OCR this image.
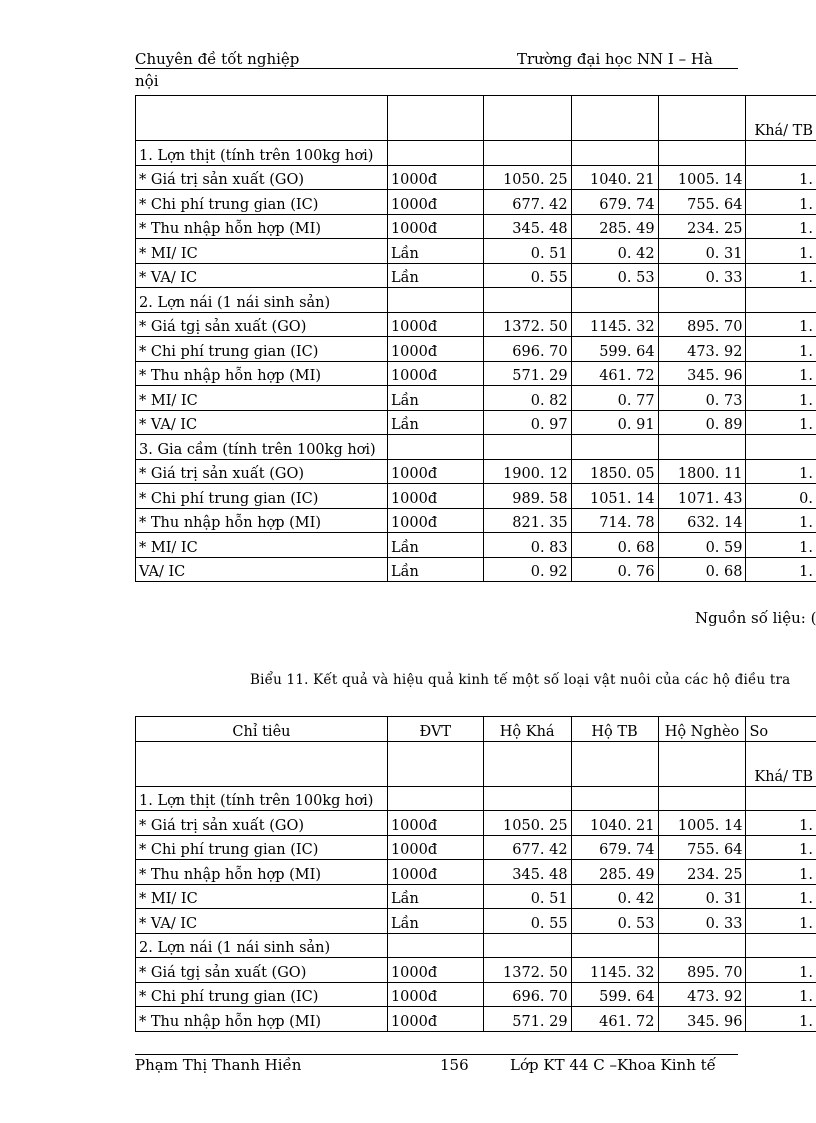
Chuyên đề tốt nghiệp	Trường đại học NN I – Hà
nội
					Khá/ TB
1. Lợn thịt (tính trên 100kg hơi)					
* Giá trị sản xuất (GO)	1000đ	1050. 25	1040. 21	1005. 14	1.
* Chi phí trung gian (IC)	1000đ	677. 42	679. 74	755. 64	1.
* Thu nhập hỗn hợp (MI)	1000đ	345. 48	285. 49	234. 25	1.
* MI/ IC	Lần	0. 51	0. 42	0. 31	1.
* VA/ IC	Lần	0. 55	0. 53	0. 33	1.
2. Lợn nái (1 nái sinh sản)					
* Giá tgị sản xuất (GO)	1000đ	1372. 50	1145. 32	895. 70	1.
* Chi phí trung gian (IC)	1000đ	696. 70	599. 64	473. 92	1.
* Thu nhập hỗn hợp (MI)	1000đ	571. 29	461. 72	345. 96	1.
* MI/ IC	Lần	0. 82	0. 77	0. 73	1.
* VA/ IC	Lần	0. 97	0. 91	0. 89	1.
3. Gia cầm (tính trên 100kg hơi)					
* Giá trị sản xuất (GO)	1000đ	1900. 12	1850. 05	1800. 11	1.
* Chi phí trung gian (IC)	1000đ	989. 58	1051. 14	1071. 43	0.
* Thu nhập hỗn hợp (MI)	1000đ	821. 35	714. 78	632. 14	1.
* MI/ IC	Lần	0. 83	0. 68	0. 59	1.
VA/ IC	Lần	0. 92	0. 76	0. 68	1.
Nguồn số liệu: (
Biểu 11. Kết quả và hiệu quả kinh tế một số loại vật nuôi của các hộ điều tra
Chỉ tiêu	ĐVT	Hộ Khá	Hộ TB	Hộ Nghèo	So
					Khá/ TB
1. Lợn thịt (tính trên 100kg hơi)					
* Giá trị sản xuất (GO)	1000đ	1050. 25	1040. 21	1005. 14	1.
* Chi phí trung gian (IC)	1000đ	677. 42	679. 74	755. 64	1.
* Thu nhập hỗn hợp (MI)	1000đ	345. 48	285. 49	234. 25	1.
* MI/ IC	Lần	0. 51	0. 42	0. 31	1.
* VA/ IC	Lần	0. 55	0. 53	0. 33	1.
2. Lợn nái (1 nái sinh sản)					
* Giá tgị sản xuất (GO)	1000đ	1372. 50	1145. 32	895. 70	1.
* Chi phí trung gian (IC)	1000đ	696. 70	599. 64	473. 92	1.
* Thu nhập hỗn hợp (MI)	1000đ	571. 29	461. 72	345. 96	1.
Phạm Thị Thanh Hiền	156	Lớp KT 44 C –Khoa Kinh tế
